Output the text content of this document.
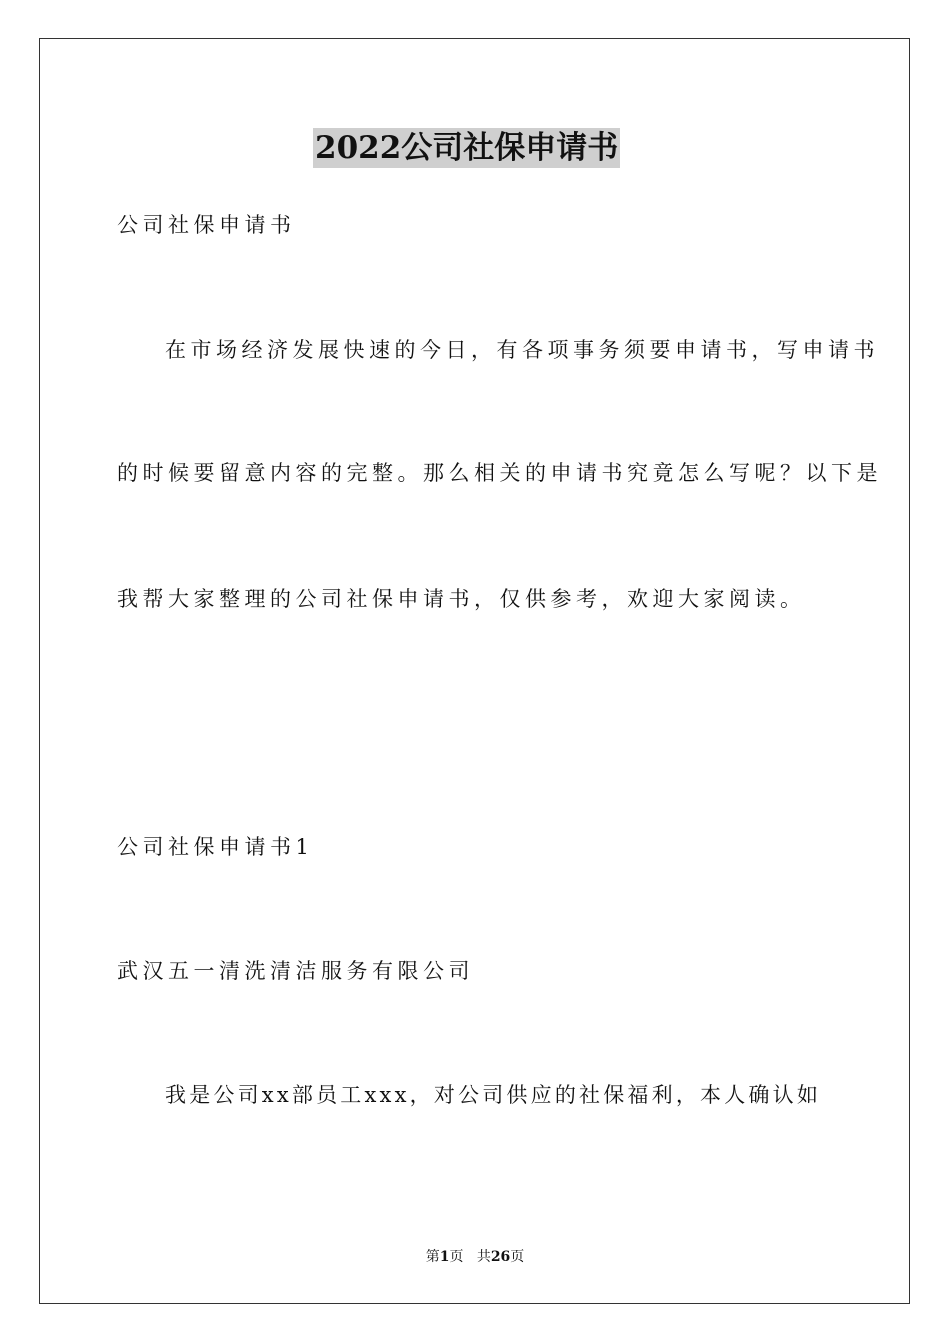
2022公司社保申请书
公司社保申请书
在市场经济发展快速的今日，有各项事务须要申请书，写申请书
的时候要留意内容的完整。那么相关的申请书究竟怎么写呢？以下是
我帮大家整理的公司社保申请书，仅供参考，欢迎大家阅读。
公司社保申请书1
武汉五一清洗清洁服务有限公司
我是公司xx部员工xxx，对公司供应的社保福利，本人确认如
第1页 共26页
